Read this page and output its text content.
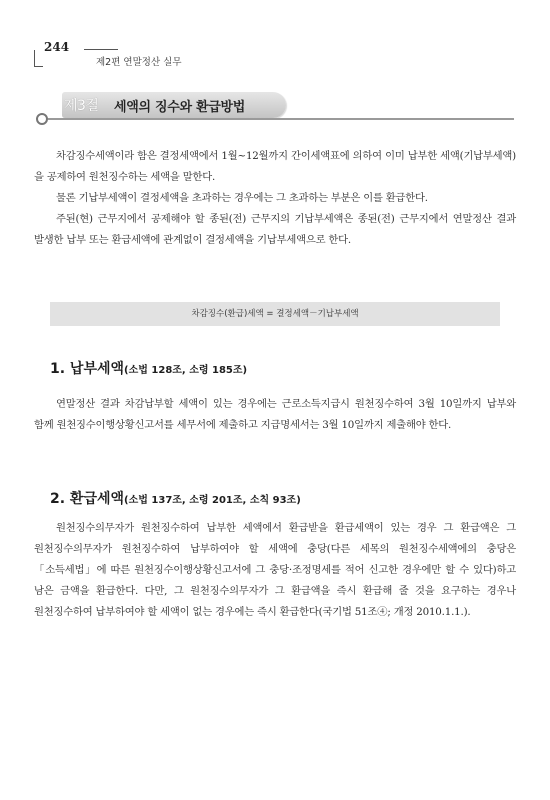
244
제2편 연말정산 실무
제3절 세액의 징수와 환급방법

차감징수세액이라 함은 결정세액에서 1월~12월까지 간이세액표에 의하여 이미 납부한 세액(기납부세액)을 공제하여 원천징수하는 세액을 말한다.

물론 기납부세액이 결정세액을 초과하는 경우에는 그 초과하는 부분은 이를 환급한다.

주된(현) 근무지에서 공제해야 할 종된(전) 근무지의 기납부세액은 종된(전) 근무지에서 연말정산 결과 발생한 납부 또는 환급세액에 관계없이 결정세액을 기납부세액으로 한다.

차감징수(환급)세액 = 결정세액－기납부세액
1. 납부세액(소법 128조, 소령 185조)

연말정산 결과 차감납부할 세액이 있는 경우에는 근로소득지급시 원천징수하여 3월 10일까지 납부와 함께 원천징수이행상황신고서를 세무서에 제출하고 지급명세서는 3월 10일까지 제출해야 한다.

2. 환급세액(소법 137조, 소령 201조, 소칙 93조)

원천징수의무자가 원천징수하여 납부한 세액에서 환급받을 환급세액이 있는 경우 그 환급액은 그 원천징수의무자가 원천징수하여 납부하여야 할 세액에 충당(다른 세목의 원천징수세액에의 충당은「소득세법」에 따른 원천징수이행상황신고서에 그 충당·조정명세를 적어 신고한 경우에만 할 수 있다)하고 남은 금액을 환급한다. 다만, 그 원천징수의무자가 그 환급액을 즉시 환급해 줄 것을 요구하는 경우나 원천징수하여 납부하여야 할 세액이 없는 경우에는 즉시 환급한다(국기법 51조④; 개정 2010.1.1.).
